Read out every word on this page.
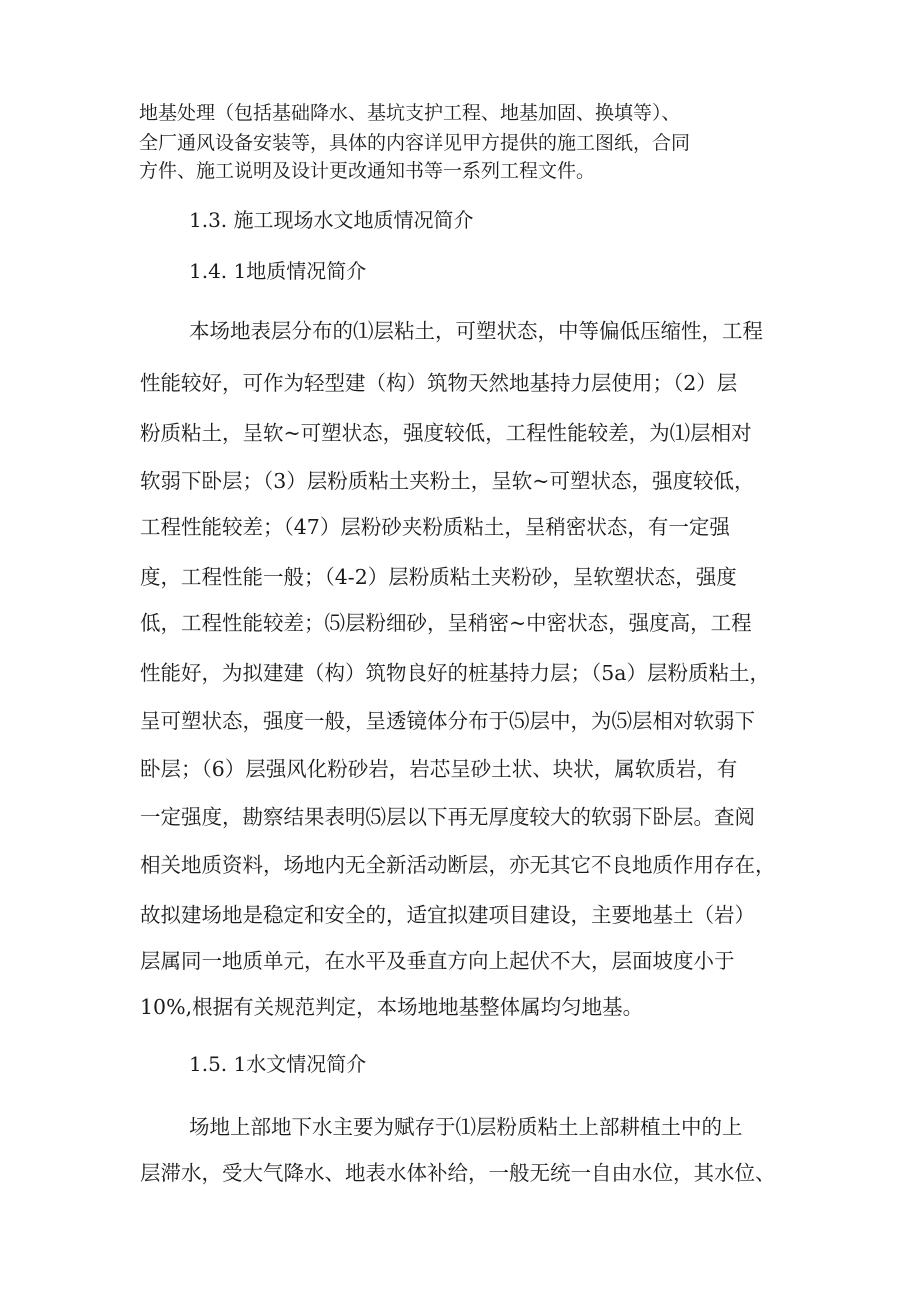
地基处理（包括基础降水、基坑支护工程、地基加固、换填等）、
全厂通风设备安装等，具体的内容详见甲方提供的施工图纸，合同
方件、施工说明及设计更改通知书等一系列工程文件。
1.3. 施工现场水文地质情况简介
1.4. 1地质情况简介
本场地表层分布的⑴层粘土，可塑状态，中等偏低压缩性，工程
性能较好，可作为轻型建（构）筑物天然地基持力层使用；（2）层
粉质粘土，呈软~可塑状态，强度较低，工程性能较差，为⑴层相对
软弱下卧层；（3）层粉质粘土夹粉土，呈软~可塑状态，强度较低，
工程性能较差；（47）层粉砂夹粉质粘土，呈稍密状态，有一定强
度，工程性能一般；（4-2）层粉质粘土夹粉砂，呈软塑状态，强度
低，工程性能较差；⑸层粉细砂，呈稍密~中密状态，强度高，工程
性能好，为拟建建（构）筑物良好的桩基持力层；（5a）层粉质粘土，
呈可塑状态，强度一般，呈透镜体分布于⑸层中，为⑸层相对软弱下
卧层；（6）层强风化粉砂岩，岩芯呈砂土状、块状，属软质岩，有
一定强度，勘察结果表明⑸层以下再无厚度较大的软弱下卧层。查阅
相关地质资料，场地内无全新活动断层，亦无其它不良地质作用存在，
故拟建场地是稳定和安全的，适宜拟建项目建设，主要地基土（岩）
层属同一地质单元，在水平及垂直方向上起伏不大，层面坡度小于
10%,根据有关规范判定，本场地地基整体属均匀地基。
1.5. 1水文情况简介
场地上部地下水主要为赋存于⑴层粉质粘土上部耕植土中的上
层滞水，受大气降水、地表水体补给，一般无统一自由水位，其水位、
